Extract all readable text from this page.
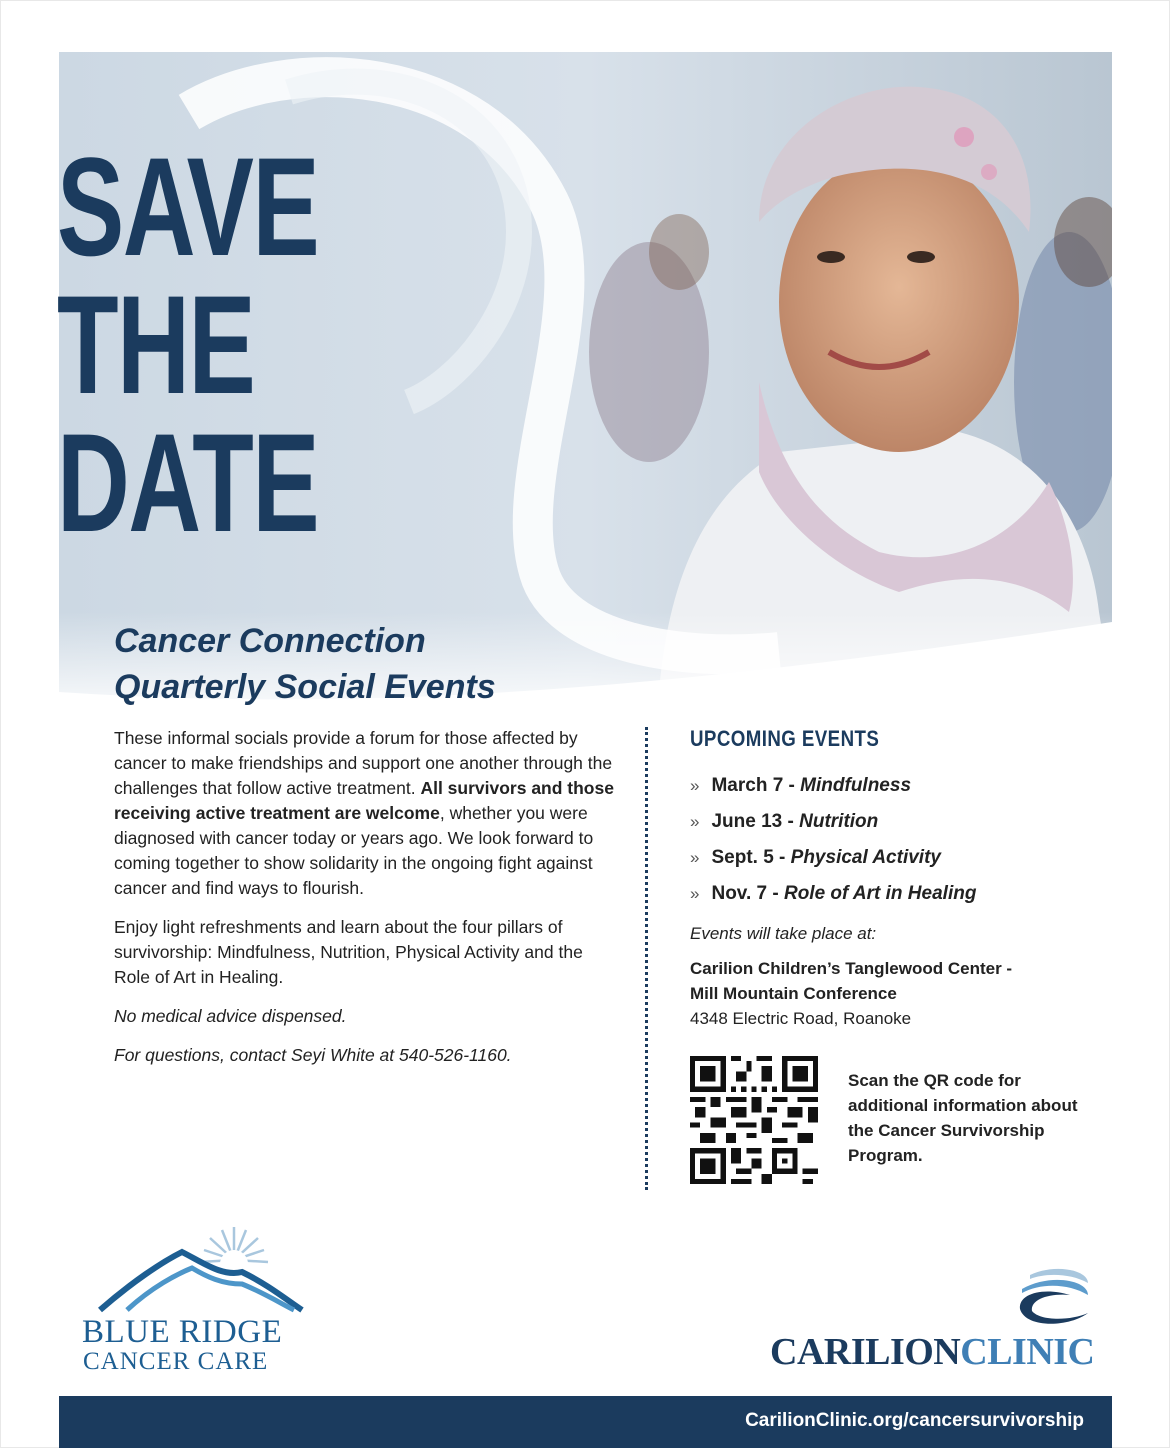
SAVE
THE
DATE
Cancer Connection
Quarterly Social Events

These informal socials provide a forum for those affected by cancer to make friendships and support one another through the challenges that follow active treatment. All survivors and those receiving active treatment are welcome, whether you were diagnosed with cancer today or years ago. We look forward to coming together to show solidarity in the ongoing fight against cancer and find ways to flourish.

Enjoy light refreshments and learn about the four pillars of survivorship: Mindfulness, Nutrition, Physical Activity and the Role of Art in Healing.

No medical advice dispensed.

For questions, contact Seyi White at 540-526-1160.

UPCOMING EVENTS
» March 7 - Mindfulness
» June 13 - Nutrition
» Sept. 5 - Physical Activity
» Nov. 7 - Role of Art in Healing
Events will take place at:
Carilion Children’s Tanglewood Center -
Mill Mountain Conference
4348 Electric Road, Roanoke
Scan the QR code for additional information about the Cancer Survivorship Program.
BLUE RIDGE
CANCER CARE	CARILIONCLINIC
CarilionClinic.org/cancersurvivorship
